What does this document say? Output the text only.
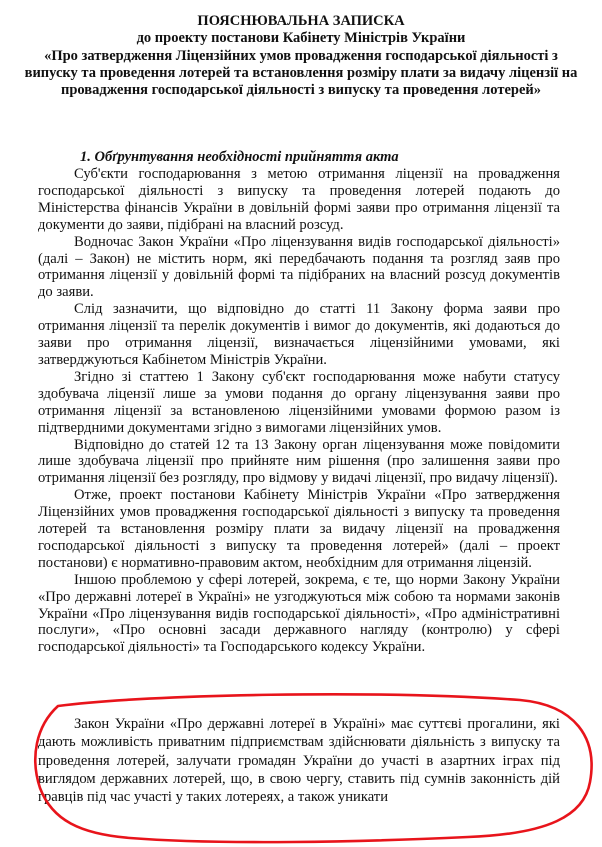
ПОЯСНЮВАЛЬНА ЗАПИСКА
до проекту постанови Кабінету Міністрів України
«Про затвердження Ліцензійних умов провадження господарської діяльності з випуску та проведення лотерей та встановлення розміру плати за видачу ліцензії на провадження господарської діяльності з випуску та проведення лотерей»
1. Обґрунтування необхідності прийняття акта

Суб'єкти господарювання з метою отримання ліцензії на провадження господарської діяльності з випуску та проведення лотерей подають до Міністерства фінансів України в довільній формі заяви про отримання ліцензії та документи до заяви, підібрані на власний розсуд.

Водночас Закон України «Про ліцензування видів господарської діяльності» (далі – Закон) не містить норм, які передбачають подання та розгляд заяв про отримання ліцензії у довільній формі та підібраних на власний розсуд документів до заяви.

Слід зазначити, що відповідно до статті 11 Закону форма заяви про отримання ліцензії та перелік документів і вимог до документів, які додаються до заяви про отримання ліцензії, визначається ліцензійними умовами, які затверджуються Кабінетом Міністрів України.

Згідно зі статтею 1 Закону суб'єкт господарювання може набути статусу здобувача ліцензії лише за умови подання до органу ліцензування заяви про отримання ліцензії за встановленою ліцензійними умовами формою разом із підтвердними документами згідно з вимогами ліцензійних умов.

Відповідно до статей 12 та 13 Закону орган ліцензування може повідомити лише здобувача ліцензії про прийняте ним рішення (про залишення заяви про отримання ліцензії без розгляду, про відмову у видачі ліцензії, про видачу ліцензії).

Отже, проект постанови Кабінету Міністрів України «Про затвердження Ліцензійних умов провадження господарської діяльності з випуску та проведення лотерей та встановлення розміру плати за видачу ліцензії на провадження господарської діяльності з випуску та проведення лотерей» (далі – проект постанови) є нормативно-правовим актом, необхідним для отримання ліцензій.

Іншою проблемою у сфері лотерей, зокрема, є те, що норми Закону України «Про державні лотереї в Україні» не узгоджуються між собою та нормами законів України «Про ліцензування видів господарської діяльності», «Про адміністративні послуги», «Про основні засади державного нагляду (контролю) у сфері господарської діяльності» та Господарського кодексу України.

Закон України «Про державні лотереї в Україні» має суттєві прогалини, які дають можливість приватним підприємствам здійснювати діяльність з випуску та проведення лотерей, залучати громадян України до участі в азартних іграх під виглядом державних лотерей, що, в свою чергу, ставить під сумнів законність дій гравців під час участі у таких лотереях, а також уникати
